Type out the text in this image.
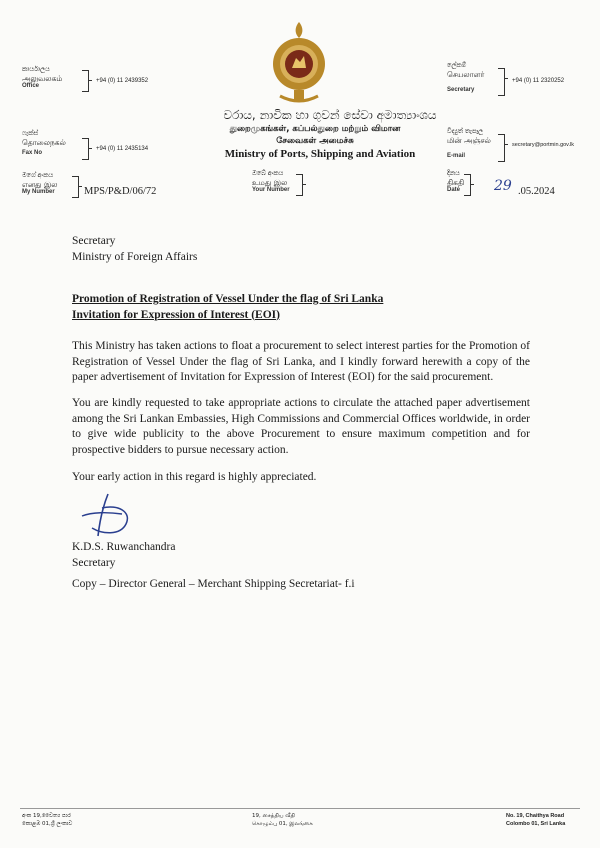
කාර්යාලය
அலுவலகம்
Office
+94 (0) 11 2439352
ලේකම්
செயலாளர்
Secretary
+94 (0) 11 2320252
වරාය, නාවික හා ගුවන් සේවා අමාත්‍යාංශය
துறைமுகங்கள், கப்பல்துறை மற்றும் விமான
சேவைகள் அமைச்சு
Ministry of Ports, Shipping and Aviation
ෆැක්ස්
தொலைநகல்
Fax No
+94 (0) 11 2435134
විද්‍යුත් තැපෑල
மின் அஞ்சல்
E-mail
secretary@portmin.gov.lk
මගේ අංකය
எனது இல
My Number	MPS/P&D/06/72
ඔබේ අංකය
உமது இல
Your Number
දිනය
திகதி
Date 29 .05.2024
Secretary
Ministry of Foreign Affairs
Promotion of Registration of Vessel Under the flag of Sri Lanka
Invitation for Expression of Interest (EOI)
This Ministry has taken actions to float a procurement to select interest parties for the Promotion of Registration of Vessel Under the flag of Sri Lanka, and I kindly forward herewith a copy of the paper advertisement of Invitation for Expression of Interest (EOI) for the said procurement.
You are kindly requested to take appropriate actions to circulate the attached paper advertisement among the Sri Lankan Embassies, High Commissions and Commercial Offices worldwide, in order to give wide publicity to the above Procurement to ensure maximum competition and for prospective bidders to pursue necessary action.
Your early action in this regard is highly appreciated.
K.D.S. Ruwanchandra
Secretary
Copy – Director General – Merchant Shipping Secretariat- f.i
අංක 19,චෛත්‍ය පාර
කොළඹ 01,ශ්‍රී ලංකාව
19, சைத்திய வீதி
கொழும்பு 01, இலங்கை
No. 19, Chaithya Road
Colombo 01, Sri Lanka
